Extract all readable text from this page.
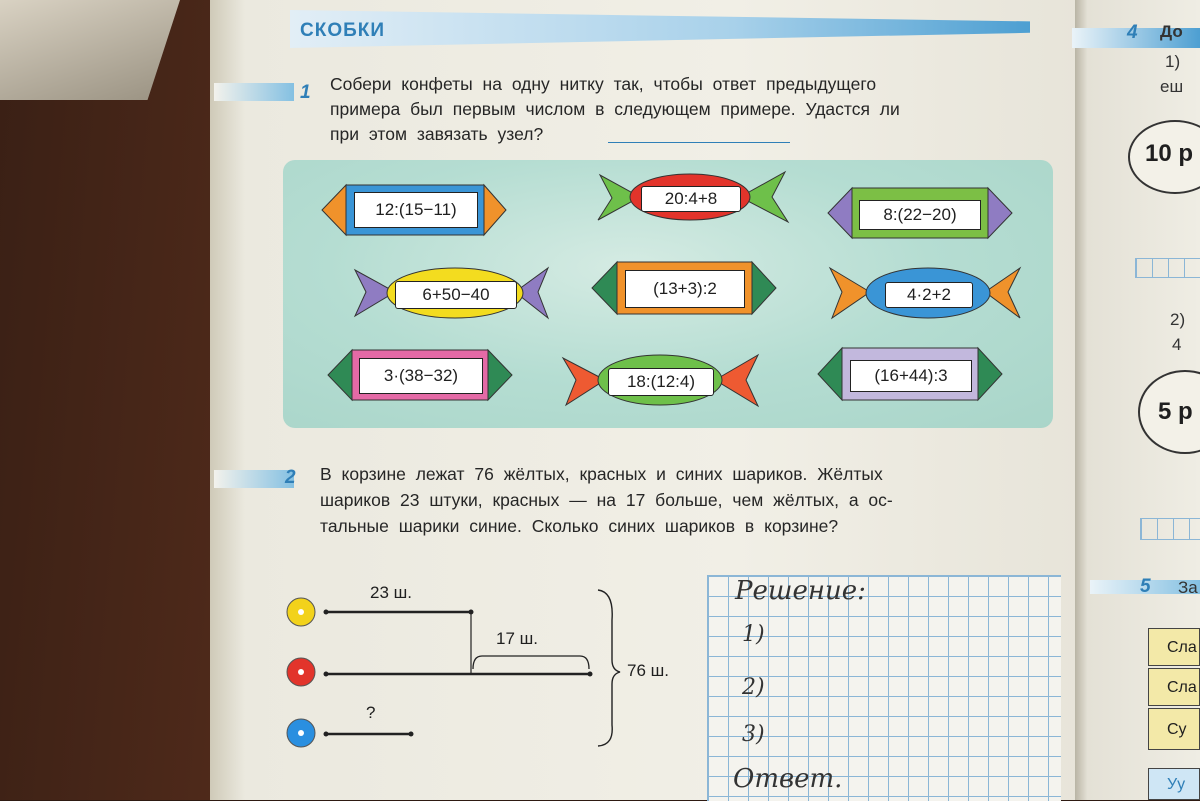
СКОБКИ
1 Собери конфеты на одну нитку так, чтобы ответ предыдущего
примера был первым числом в следующем примере. Удастся ли
при этом завязать узел?
12:(15−11)
20:4+8
8:(22−20)
6+50−40	(13+3):2	4·2+2
3·(38−32)	18:(12:4)	(16+44):3
2 В корзине лежат 76 жёлтых, красных и синих шариков. Жёлтых
шариков 23 штуки, красных — на 17 больше, чем жёлтых, а ос-
тальные шарики синие. Сколько синих шариков в корзине?
23 ш.
17 ш.
76 ш.
?
Решение:
1)
2)
3)
Ответ.
4 До
1)
еш
10 р
2)
4
5 р
5 За
Сла
Сла
Су
Уу
